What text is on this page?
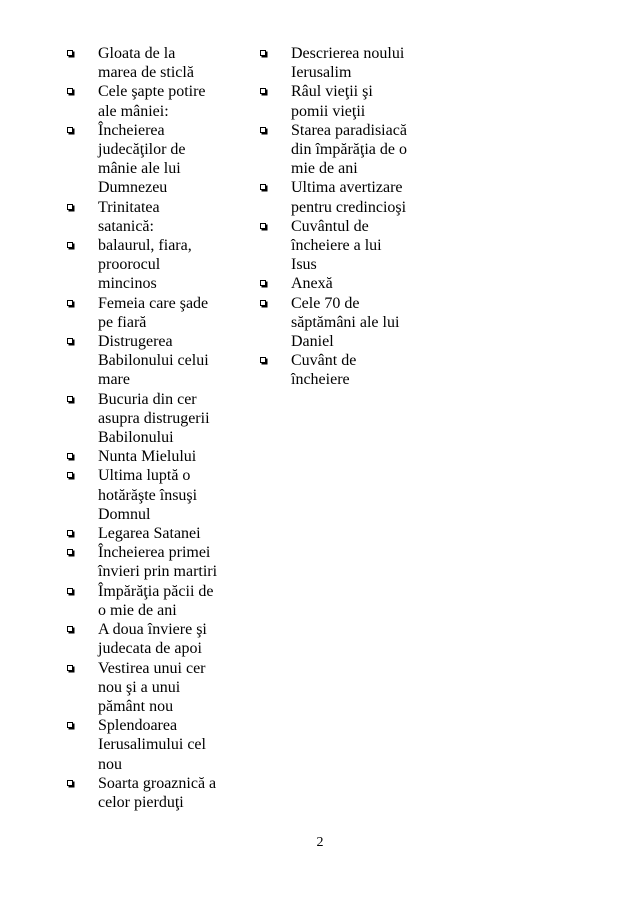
Gloata de la
marea de sticlă
Cele şapte potire
ale mâniei:
Încheierea
judecăţilor de
mânie ale lui
Dumnezeu
Trinitatea
satanică:
balaurul, fiara,
proorocul
mincinos
Femeia care şade
pe fiară
Distrugerea
Babilonului celui
mare
Bucuria din cer
asupra distrugerii
Babilonului
Nunta Mielului
Ultima luptă o
hotărăşte însuşi
Domnul
Legarea Satanei
Încheierea primei
învieri prin martiri
Împărăţia păcii de
o mie de ani
A doua înviere şi
judecata de apoi
Vestirea unui cer
nou şi a unui
pământ nou
Splendoarea
Ierusalimului cel
nou
Soarta groaznică a
celor pierduţi
Descrierea noului
Ierusalim
Râul vieţii şi
pomii vieţii
Starea paradisiacă
din împărăţia de o
mie de ani
Ultima avertizare
pentru credincioşi
Cuvântul de
încheiere a lui
Isus
Anexă
Cele 70 de
săptămâni ale lui
Daniel
Cuvânt de
încheiere
2
